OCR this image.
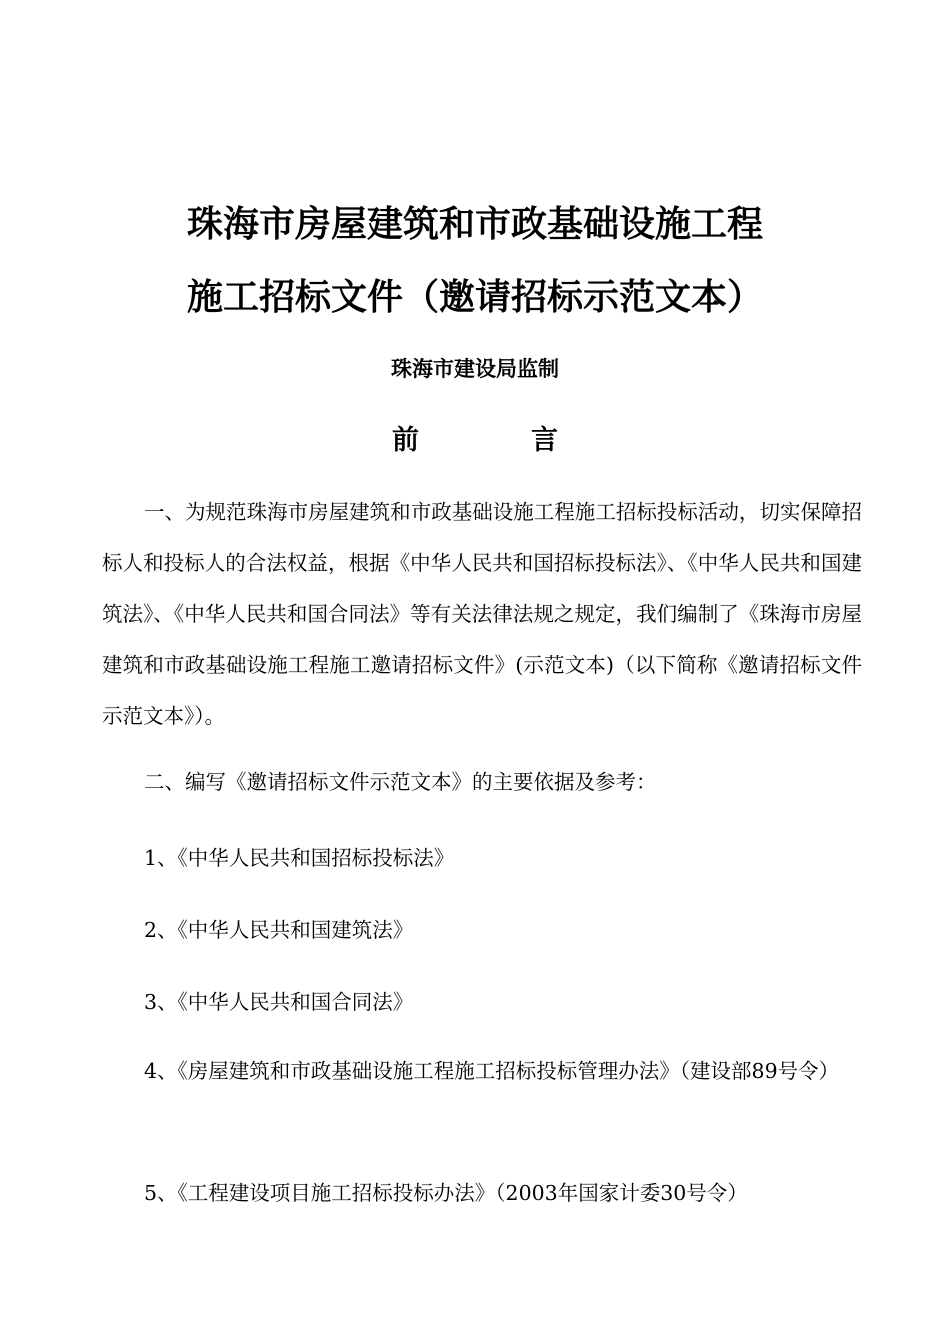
珠海市房屋建筑和市政基础设施工程
施工招标文件（邀请招标示范文本）
珠海市建设局监制
前	言

一、为规范珠海市房屋建筑和市政基础设施工程施工招标投标活动，切实保障招标人和投标人的合法权益，根据《中华人民共和国招标投标法》、《中华人民共和国建筑法》、《中华人民共和国合同法》等有关法律法规之规定，我们编制了《珠海市房屋建筑和市政基础设施工程施工邀请招标文件》(示范文本)（以下简称《邀请招标文件示范文本》）。

二、编写《邀请招标文件示范文本》的主要依据及参考：

1、《中华人民共和国招标投标法》

2、《中华人民共和国建筑法》

3、《中华人民共和国合同法》

4、《房屋建筑和市政基础设施工程施工招标投标管理办法》（建设部89号令）

5、《工程建设项目施工招标投标办法》（2003年国家计委30号令）
